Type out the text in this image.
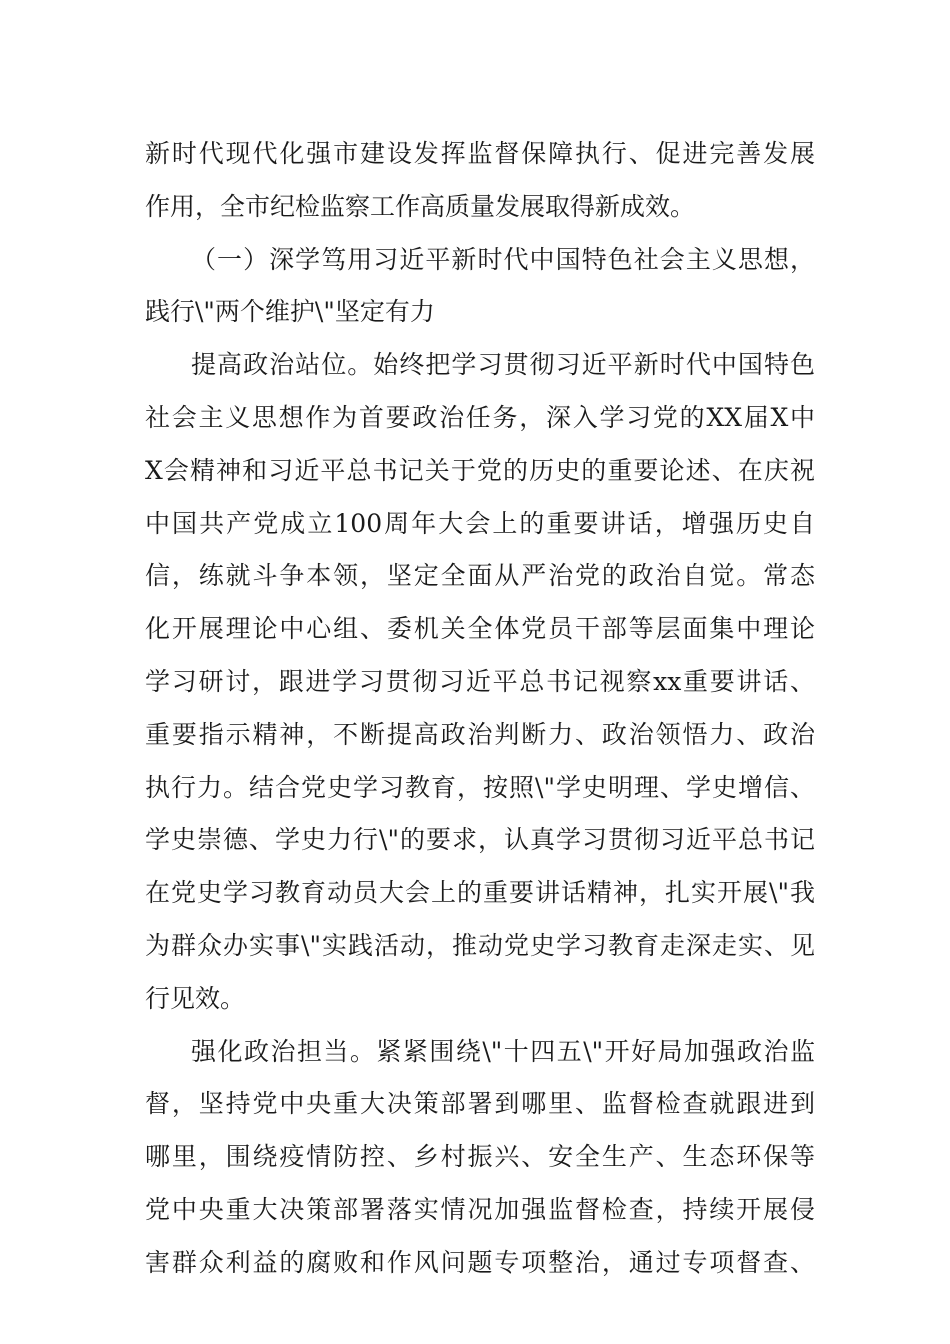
新时代现代化强市建设发挥监督保障执行、促进完善发展
作用，全市纪检监察工作高质量发展取得新成效。
（一）深学笃用习近平新时代中国特色社会主义思想，
践行\"两个维护\"坚定有力
提高政治站位。始终把学习贯彻习近平新时代中国特色
社会主义思想作为首要政治任务，深入学习党的XX届X中
X会精神和习近平总书记关于党的历史的重要论述、在庆祝
中国共产党成立100周年大会上的重要讲话，增强历史自
信，练就斗争本领，坚定全面从严治党的政治自觉。常态
化开展理论中心组、委机关全体党员干部等层面集中理论
学习研讨，跟进学习贯彻习近平总书记视察xx重要讲话、
重要指示精神，不断提高政治判断力、政治领悟力、政治
执行力。结合党史学习教育，按照\"学史明理、学史增信、
学史崇德、学史力行\"的要求，认真学习贯彻习近平总书记
在党史学习教育动员大会上的重要讲话精神，扎实开展\"我
为群众办实事\"实践活动，推动党史学习教育走深走实、见
行见效。
强化政治担当。紧紧围绕\"十四五\"开好局加强政治监
督，坚持党中央重大决策部署到哪里、监督检查就跟进到
哪里，围绕疫情防控、乡村振兴、安全生产、生态环保等
党中央重大决策部署落实情况加强监督检查，持续开展侵
害群众利益的腐败和作风问题专项整治，通过专项督查、
